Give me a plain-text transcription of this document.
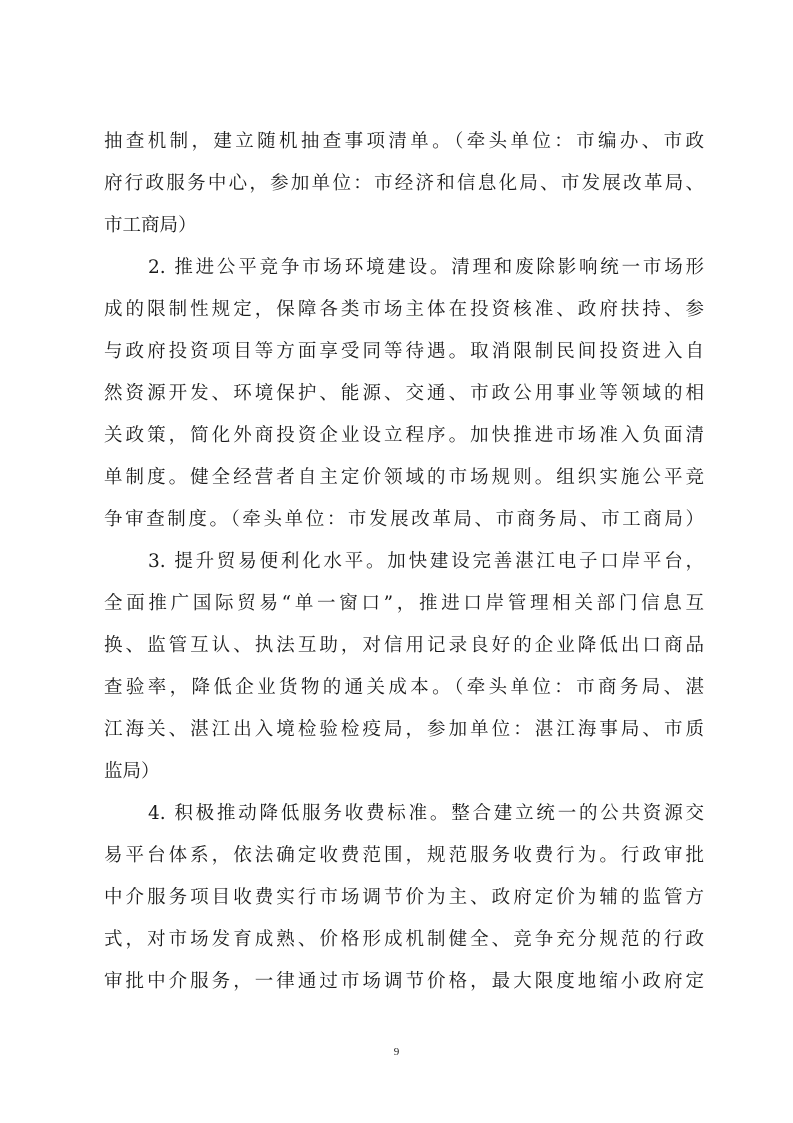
抽查机制，建立随机抽查事项清单。（牵头单位：市编办、市政
府行政服务中心，参加单位：市经济和信息化局、市发展改革局、
市工商局）
2. 推进公平竞争市场环境建设。清理和废除影响统一市场形
成的限制性规定，保障各类市场主体在投资核准、政府扶持、参
与政府投资项目等方面享受同等待遇。取消限制民间投资进入自
然资源开发、环境保护、能源、交通、市政公用事业等领域的相
关政策，简化外商投资企业设立程序。加快推进市场准入负面清
单制度。健全经营者自主定价领域的市场规则。组织实施公平竞
争审查制度。（牵头单位：市发展改革局、市商务局、市工商局）
3. 提升贸易便利化水平。加快建设完善湛江电子口岸平台，
全面推广国际贸易“单一窗口”，推进口岸管理相关部门信息互
换、监管互认、执法互助，对信用记录良好的企业降低出口商品
查验率，降低企业货物的通关成本。（牵头单位：市商务局、湛
江海关、湛江出入境检验检疫局，参加单位：湛江海事局、市质
监局）
4. 积极推动降低服务收费标准。整合建立统一的公共资源交
易平台体系，依法确定收费范围，规范服务收费行为。行政审批
中介服务项目收费实行市场调节价为主、政府定价为辅的监管方
式，对市场发育成熟、价格形成机制健全、竞争充分规范的行政
审批中介服务，一律通过市场调节价格，最大限度地缩小政府定
9
